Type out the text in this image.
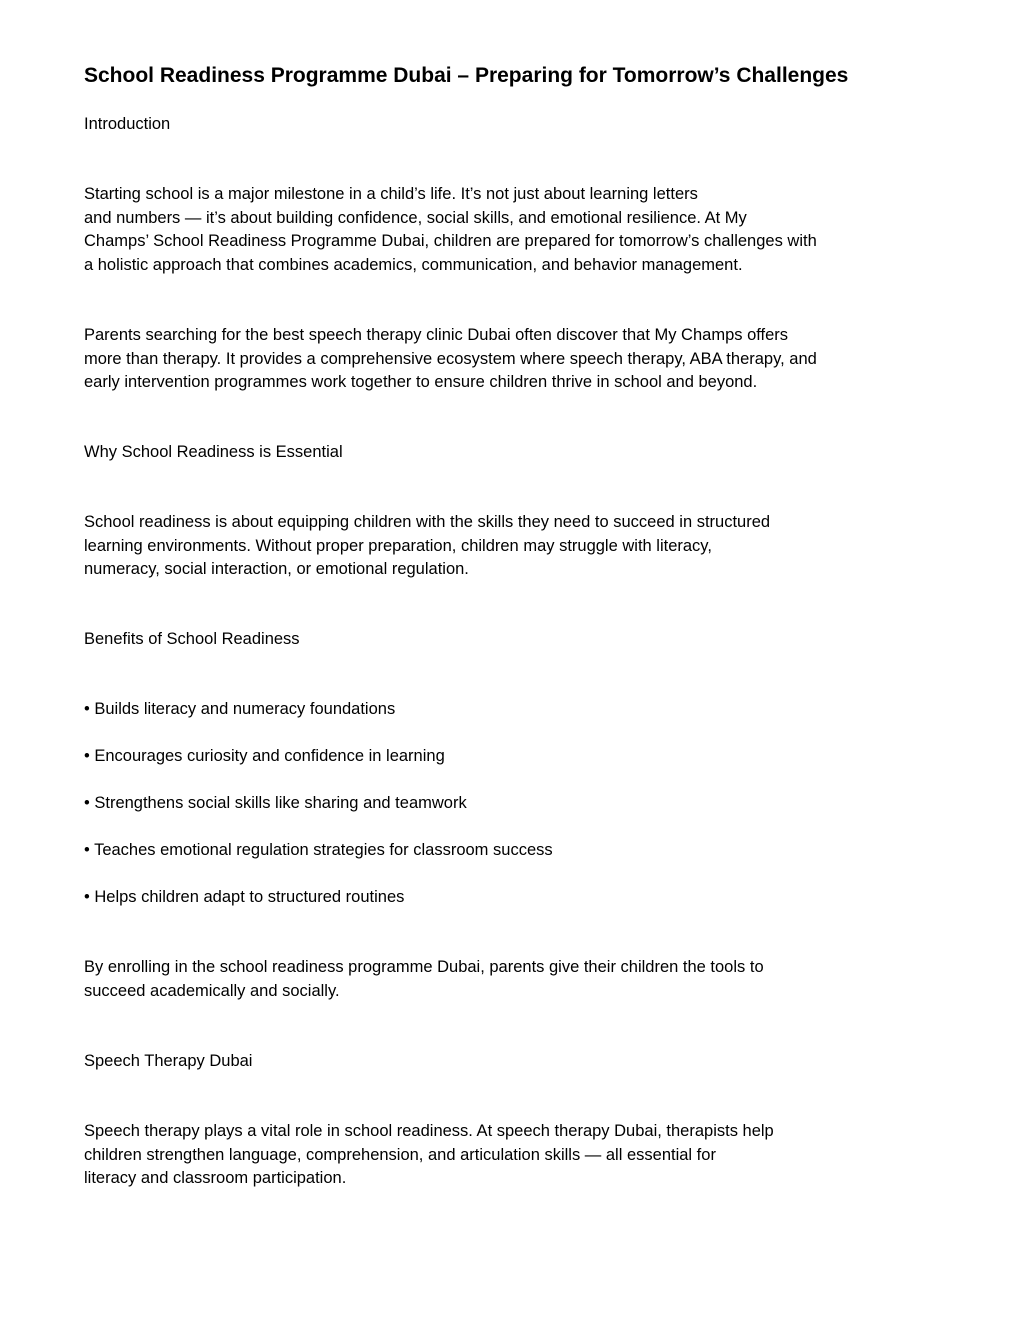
School Readiness Programme Dubai – Preparing for Tomorrow’s Challenges

Introduction

Starting school is a major milestone in a child’s life. It’s not just about learning letters
and numbers — it’s about building confidence, social skills, and emotional resilience. At My
Champs’ School Readiness Programme Dubai, children are prepared for tomorrow’s challenges with
a holistic approach that combines academics, communication, and behavior management.

Parents searching for the best speech therapy clinic Dubai often discover that My Champs offers
more than therapy. It provides a comprehensive ecosystem where speech therapy, ABA therapy, and
early intervention programmes work together to ensure children thrive in school and beyond.

Why School Readiness is Essential

School readiness is about equipping children with the skills they need to succeed in structured
learning environments. Without proper preparation, children may struggle with literacy,
numeracy, social interaction, or emotional regulation.

Benefits of School Readiness

• Builds literacy and numeracy foundations

• Encourages curiosity and confidence in learning

• Strengthens social skills like sharing and teamwork

• Teaches emotional regulation strategies for classroom success

• Helps children adapt to structured routines

By enrolling in the school readiness programme Dubai, parents give their children the tools to
succeed academically and socially.

Speech Therapy Dubai

Speech therapy plays a vital role in school readiness. At speech therapy Dubai, therapists help
children strengthen language, comprehension, and articulation skills — all essential for
literacy and classroom participation.
